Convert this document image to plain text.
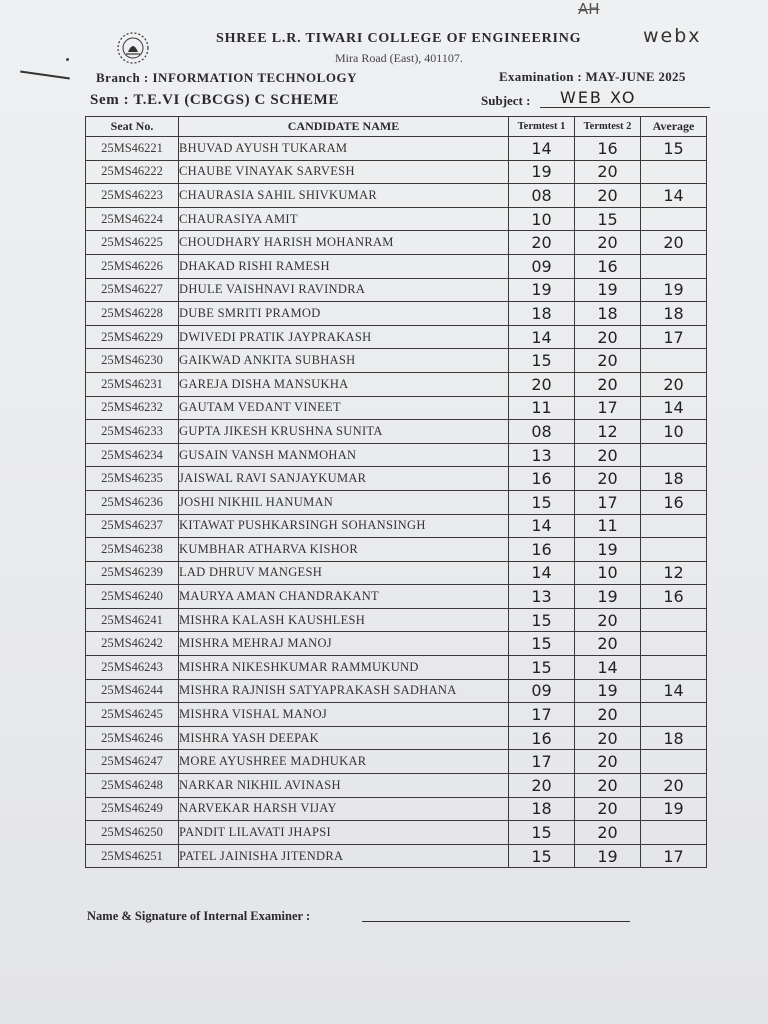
SHREE L.R. TIWARI COLLEGE OF ENGINEERING
Mira Road (East), 401107.
AH
webx
Branch : INFORMATION TECHNOLOGY	Examination : MAY-JUNE 2025
Sem : T.E.VI (CBCGS) C SCHEME	Subject : WEB XO
Seat No.	CANDIDATE NAME	Termtest 1	Termtest 2	Average
25MS46221	BHUVAD AYUSH TUKARAM	14	16	15
25MS46222	CHAUBE VINAYAK SARVESH	19	20	
25MS46223	CHAURASIA SAHIL SHIVKUMAR	08	20	14
25MS46224	CHAURASIYA AMIT	10	15	
25MS46225	CHOUDHARY HARISH MOHANRAM	20	20	20
25MS46226	DHAKAD RISHI RAMESH	09	16	
25MS46227	DHULE VAISHNAVI RAVINDRA	19	19	19
25MS46228	DUBE SMRITI PRAMOD	18	18	18
25MS46229	DWIVEDI PRATIK JAYPRAKASH	14	20	17
25MS46230	GAIKWAD ANKITA SUBHASH	15	20	
25MS46231	GAREJA DISHA MANSUKHA	20	20	20
25MS46232	GAUTAM VEDANT VINEET	11	17	14
25MS46233	GUPTA JIKESH KRUSHNA SUNITA	08	12	10
25MS46234	GUSAIN VANSH MANMOHAN	13	20	
25MS46235	JAISWAL RAVI SANJAYKUMAR	16	20	18
25MS46236	JOSHI NIKHIL HANUMAN	15	17	16
25MS46237	KITAWAT PUSHKARSINGH SOHANSINGH	14	11	
25MS46238	KUMBHAR ATHARVA KISHOR	16	19	
25MS46239	LAD DHRUV MANGESH	14	10	12
25MS46240	MAURYA AMAN CHANDRAKANT	13	19	16
25MS46241	MISHRA KALASH KAUSHLESH	15	20	
25MS46242	MISHRA MEHRAJ MANOJ	15	20	
25MS46243	MISHRA NIKESHKUMAR RAMMUKUND	15	14	
25MS46244	MISHRA RAJNISH SATYAPRAKASH SADHANA	09	19	14
25MS46245	MISHRA VISHAL MANOJ	17	20	
25MS46246	MISHRA YASH DEEPAK	16	20	18
25MS46247	MORE AYUSHREE MADHUKAR	17	20	
25MS46248	NARKAR NIKHIL AVINASH	20	20	20
25MS46249	NARVEKAR HARSH VIJAY	18	20	19
25MS46250	PANDIT LILAVATI JHAPSI	15	20	
25MS46251	PATEL JAINISHA JITENDRA	15	19	17
Name & Signature of Internal Examiner :
